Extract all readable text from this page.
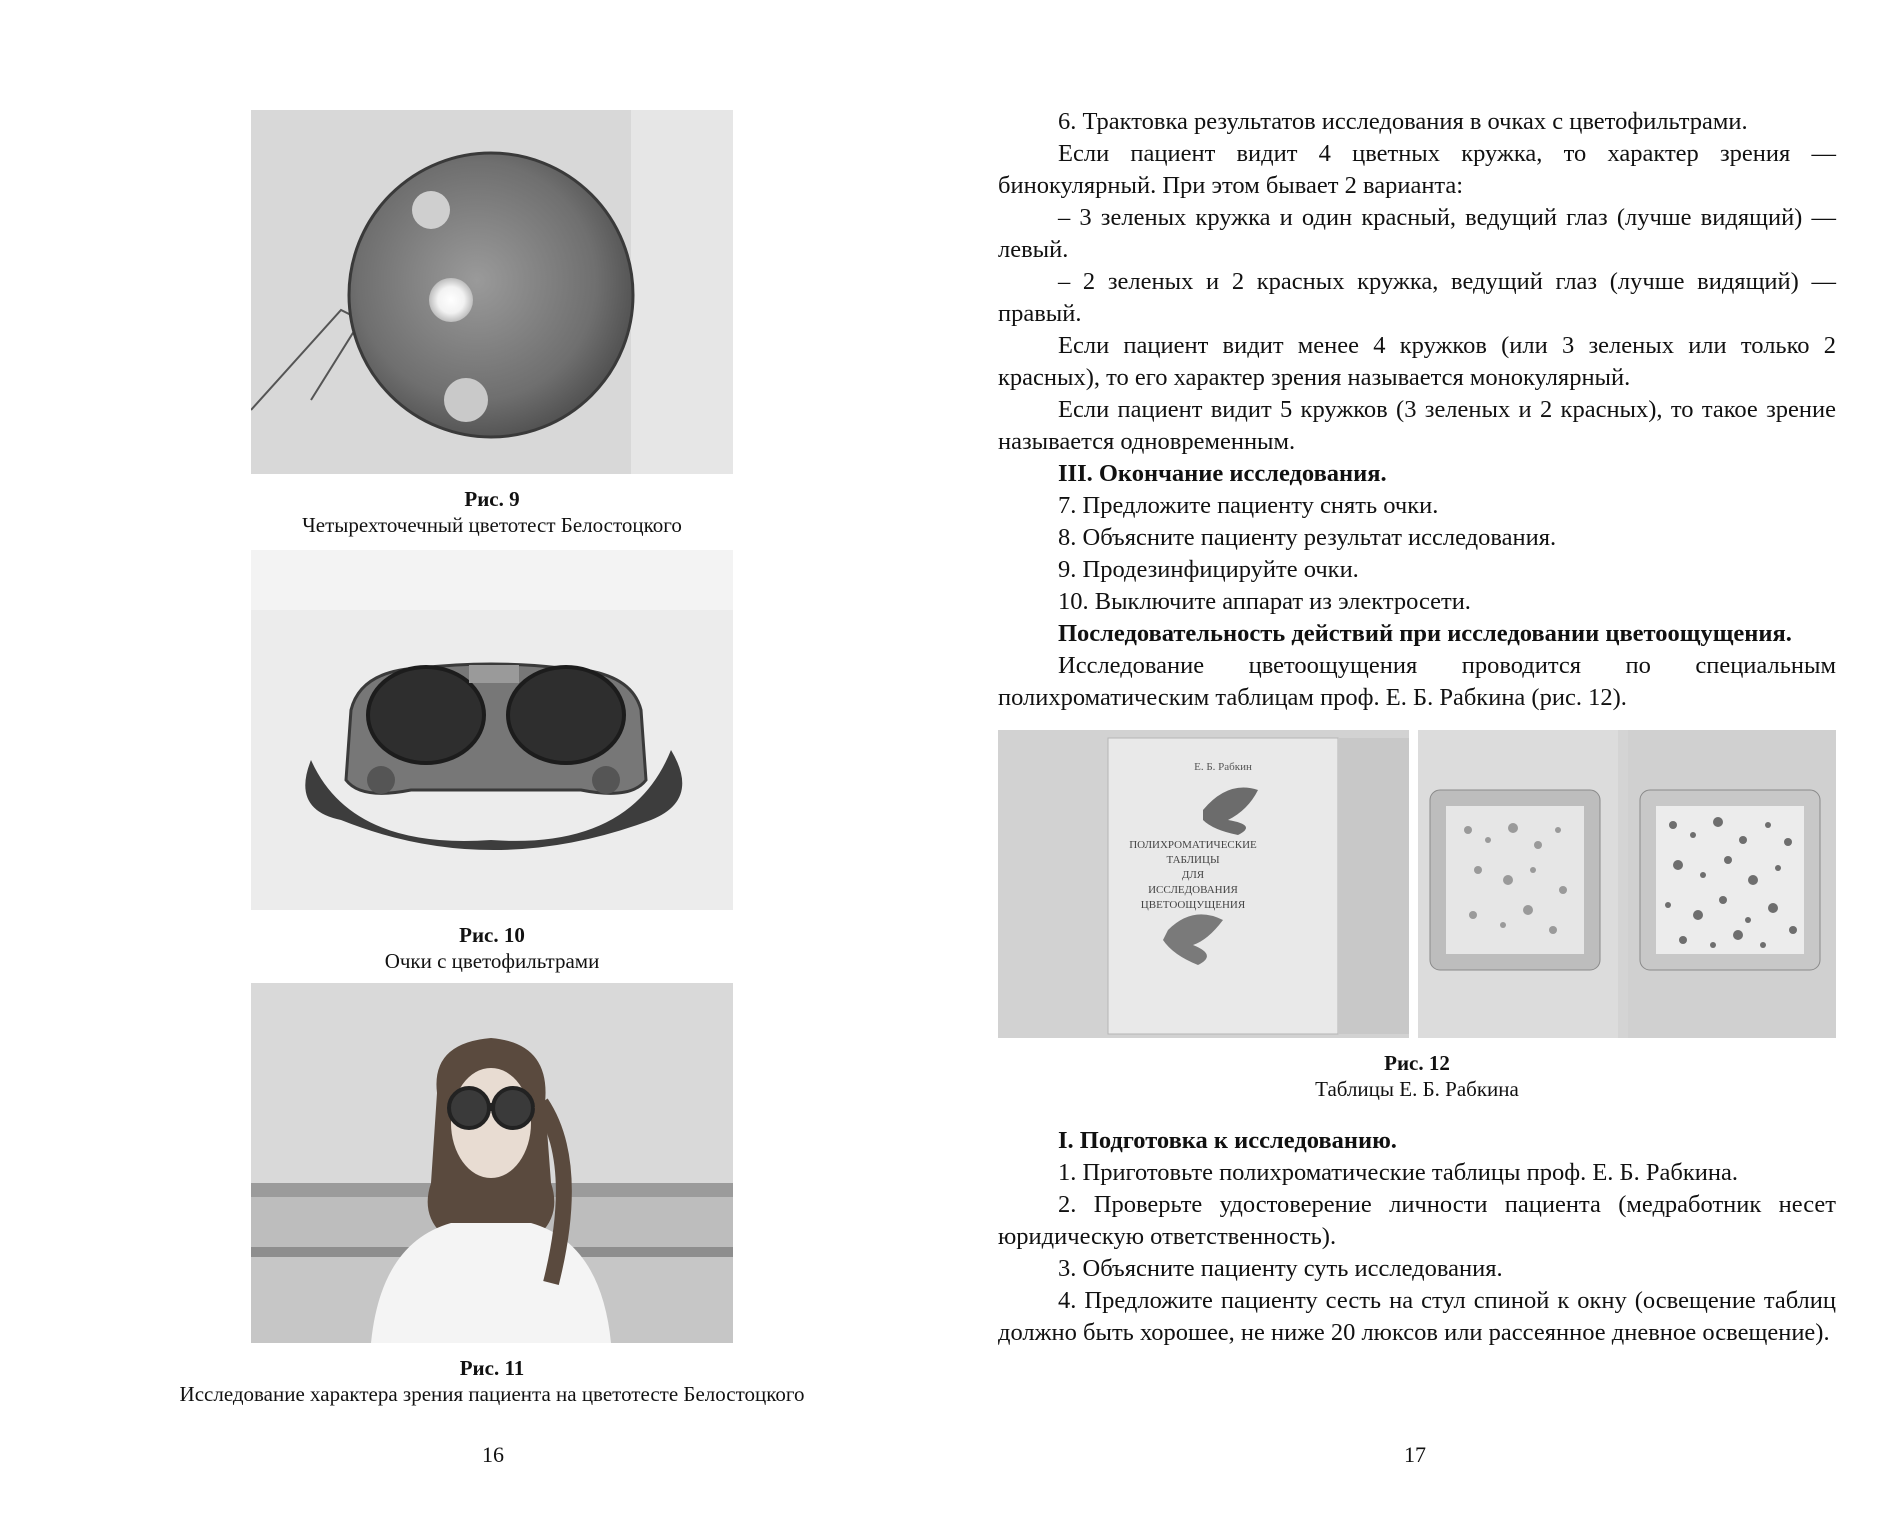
Рис. 9
Четырехточечный цветотест Белостоцкого
Рис. 10
Очки с цветофильтрами
Рис. 11
Исследование характера зрения пациента на цветотесте Белостоцкого
16

6. Трактовка результатов исследования в очках с цветофильтрами.

Если пациент видит 4 цветных кружка, то характер зрения — бинокулярный. При этом бывает 2 варианта:

– 3 зеленых кружка и один красный, ведущий глаз (лучше видящий) — левый.

– 2 зеленых и 2 красных кружка, ведущий глаз (лучше видящий) — правый.

Если пациент видит менее 4 кружков (или 3 зеленых или только 2 красных), то его характер зрения называется монокулярный.

Если пациент видит 5 кружков (3 зеленых и 2 красных), то такое зрение называется одновременным.

III. Окончание исследования.

7. Предложите пациенту снять очки.

8. Объясните пациенту результат исследования.

9. Продезинфицируйте очки.

10. Выключите аппарат из электросети.

Последовательность действий при исследовании цветоощущения.

Исследование цветоощущения проводится по специальным полихроматическим таблицам проф. Е. Б. Рабкина (рис. 12).

Е. Б. Рабкин
ПОЛИХРОМАТИЧЕСКИЕ
ТАБЛИЦЫ
ДЛЯ
ИССЛЕДОВАНИЯ
ЦВЕТООЩУЩЕНИЯ
Рис. 12
Таблицы Е. Б. Рабкина

I. Подготовка к исследованию.

1. Приготовьте полихроматические таблицы проф. Е. Б. Рабкина.

2. Проверьте удостоверение личности пациента (медработник несет юридическую ответственность).

3. Объясните пациенту суть исследования.

4. Предложите пациенту сесть на стул спиной к окну (освещение таблиц должно быть хорошее, не ниже 20 люксов или рассеянное дневное освещение).

17
